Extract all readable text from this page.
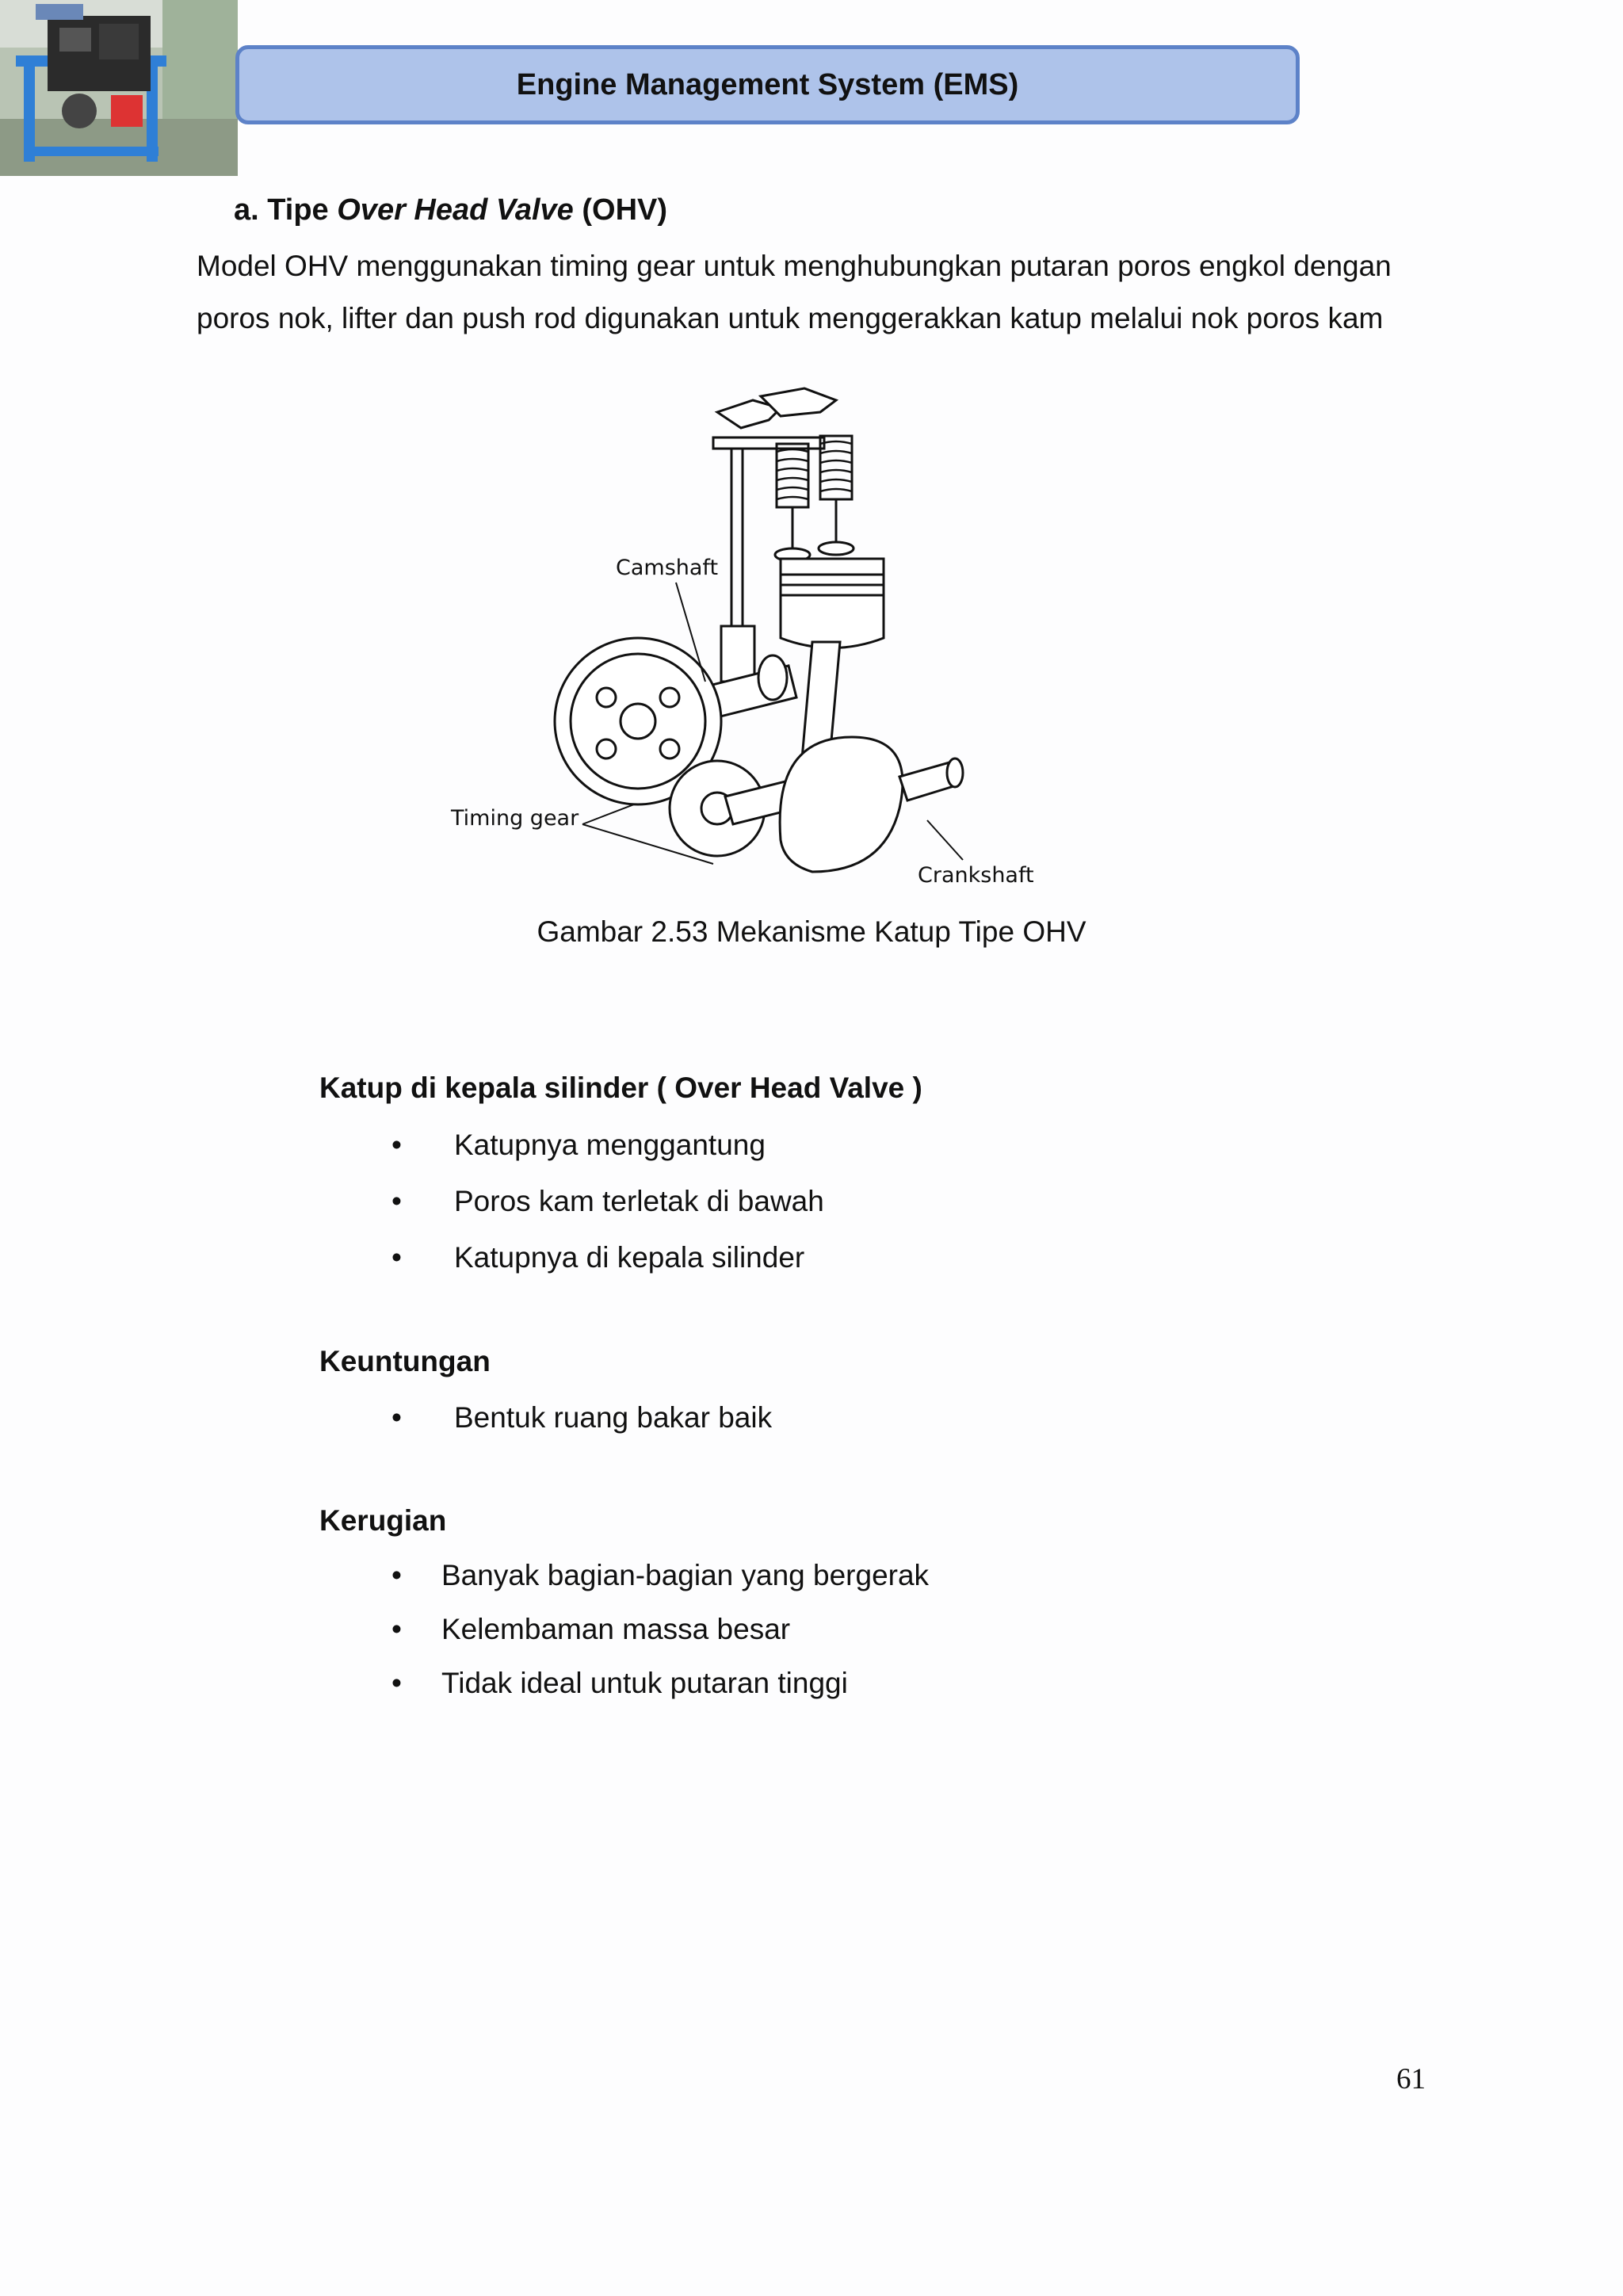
Engine Management System (EMS)
a. Tipe Over Head Valve (OHV)
Model OHV menggunakan timing gear untuk menghubungkan putaran poros engkol dengan
poros nok, lifter dan push rod digunakan untuk menggerakkan katup melalui nok poros kam
Camshaft
Timing gear
Crankshaft
Gambar 2.53 Mekanisme Katup Tipe OHV
Katup di kepala silinder ( Over Head Valve )
• Katupnya menggantung
• Poros kam terletak di bawah
• Katupnya di kepala silinder
Keuntungan
• Bentuk ruang bakar baik
Kerugian
• Banyak bagian-bagian yang bergerak
• Kelembaman massa besar
• Tidak ideal untuk putaran tinggi
61
